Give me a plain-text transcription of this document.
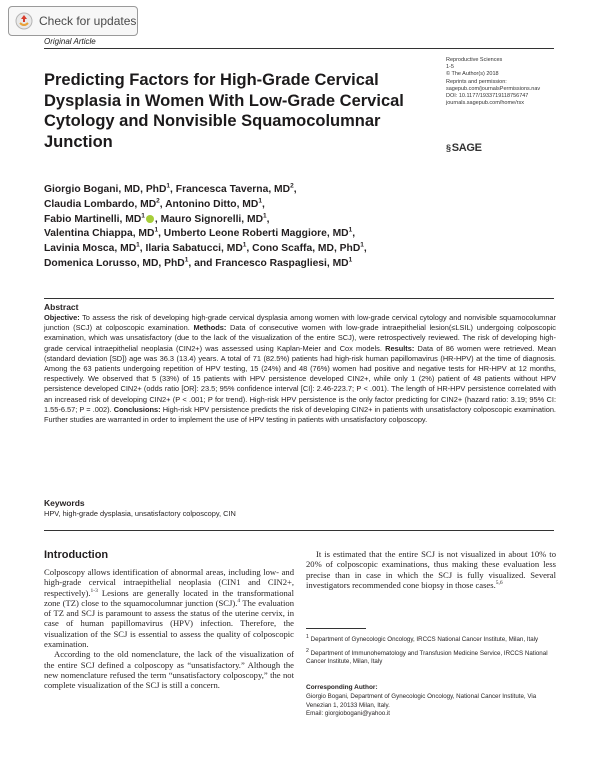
Check for updates
Original Article
Reproductive Sciences
1-5
© The Author(s) 2018
Reprints and permission:
sagepub.com/journalsPermissions.nav
DOI: 10.1177/1933719118756747
journals.sagepub.com/home/rsx
§ SAGE
Predicting Factors for High-Grade Cervical Dysplasia in Women With Low-Grade Cervical Cytology and Nonvisible Squamocolumnar Junction
Giorgio Bogani, MD, PhD$^1$, Francesca Taverna, $MD^2$,
Claudia Lombardo, $MD^2$, Antonino Ditto, $MD^1$,
Fabio Martinelli, $MD^1$ , Mauro Signorelli, $MD^1$,
Valentina Chiappa, $MD^1$, Umberto Leone Roberti Maggiore, $MD^1$,
Lavinia Mosca, $MD^1$, Ilaria Sabatucci, $MD^1$, Cono Scaffa, MD, PhD$^1$,
Domenica Lorusso, MD, PhD$^1$, and Francesco Raspagliesi, $MD^1$
Abstract
Objective: To assess the risk of developing high-grade cervical dysplasia among women with low-grade cervical cytology and nonvisible squamocolumnar junction (SCJ) at colposcopic examination. Methods: Data of consecutive women with low-grade intraepithelial lesion(≤LSIL) undergoing colposcopic examination, which was unsatisfactory (due to the lack of the visualization of the entire SCJ), were retrospectively reviewed. The risk of developing high-grade cervical intraepithelial neoplasia (CIN2+) was assessed using Kaplan-Meier and Cox models. Results: Data of 86 women were retrieved. Mean (standard deviation [SD]) age was 36.3 (13.4) years. A total of 71 (82.5%) patients had high-risk human papillomavirus (HR-HPV) at the time of diagnosis. Among the 63 patients undergoing repetition of HPV testing, 15 (24%) and 48 (76%) women had positive and negative tests for HR-HPV at 12 months, respectively. We observed that 5 (33%) of 15 patients with HPV persistence developed CIN2+, while only 1 (2%) patient of 48 patients without HPV persistence developed CIN2+ (odds ratio [OR]: 23.5; 95% confidence interval [CI]: 2.46-223.7; P < .001). The length of HR-HPV persistence correlated with an increased risk of developing CIN2+ (P < .001; P for trend). High-risk HPV persistence is the only factor predicting for CIN2+ (hazard ratio: 3.19; 95% CI: 1.55-6.57; P = .002). Conclusions: High-risk HPV persistence predicts the risk of developing CIN2+ in patients with unsatisfactory colposcopic examination. Further studies are warranted in order to implement the use of HPV testing in patients with unsatisfactory colposcopy.
Keywords
HPV, high-grade dysplasia, unsatisfactory colposcopy, CIN
Introduction

Colposcopy allows identification of abnormal areas, including low- and high-grade cervical intraepithelial neoplasia (CIN1 and CIN2+, respectively).$^{1-3}$ Lesions are generally located in the transformational zone (TZ) close to the squamocolumnar junction (SCJ).$^4$ The evaluation of TZ and SCJ is paramount to assess the status of the uterine cervix, in case of human papillomavirus (HPV) infection. Therefore, the visualization of the SCJ is essential to assess the quality of colposcopic examination.

According to the old nomenclature, the lack of the visualization of the entire SCJ defined a colposcopy as “unsatisfactory.” Although the new nomenclature refused the term “unsatisfactory colposcopy,” the not complete visualization of the SCJ is still a concern.

It is estimated that the entire SCJ is not visualized in about 10% to 20% of colposcopic examinations, thus making these evaluation less precise than in case in which the SCJ is fully visualized. Several investigators recommended cone biopsy in those cases.$^{5,6}$
$^1$ Department of Gynecologic Oncology, IRCCS National Cancer Institute, Milan, Italy
$^2$ Department of Immunohematology and Transfusion Medicine Service, IRCCS National Cancer Institute, Milan, Italy
Corresponding Author:
Giorgio Bogani, Department of Gynecologic Oncology, National Cancer Institute, Via Venezian 1, 20133 Milan, Italy.
Email: giorgiobogani@yahoo.it
